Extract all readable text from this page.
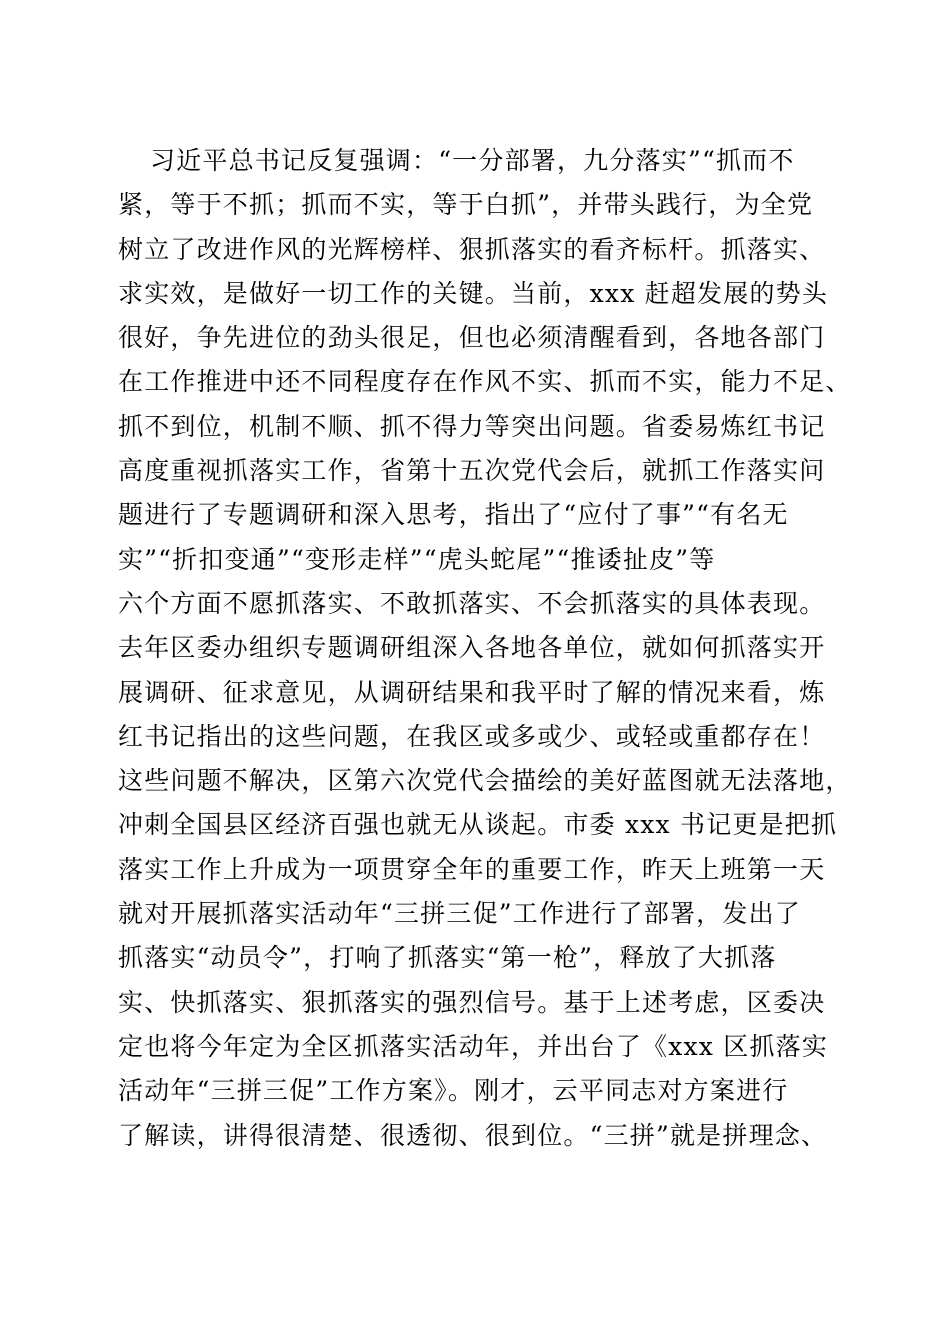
习近平总书记反复强调：“一分部署，九分落实”“抓而不
紧，等于不抓；抓而不实，等于白抓”，并带头践行，为全党
树立了改进作风的光辉榜样、狠抓落实的看齐标杆。抓落实、
求实效，是做好一切工作的关键。当前，xxx 赶超发展的势头
很好，争先进位的劲头很足，但也必须清醒看到，各地各部门
在工作推进中还不同程度存在作风不实、抓而不实，能力不足、
抓不到位，机制不顺、抓不得力等突出问题。省委易炼红书记
高度重视抓落实工作，省第十五次党代会后，就抓工作落实问
题进行了专题调研和深入思考，指出了“应付了事”“有名无
实”“折扣变通”“变形走样”“虎头蛇尾”“推诿扯皮”等
六个方面不愿抓落实、不敢抓落实、不会抓落实的具体表现。
去年区委办组织专题调研组深入各地各单位，就如何抓落实开
展调研、征求意见，从调研结果和我平时了解的情况来看，炼
红书记指出的这些问题，在我区或多或少、或轻或重都存在！
这些问题不解决，区第六次党代会描绘的美好蓝图就无法落地，
冲刺全国县区经济百强也就无从谈起。市委 xxx 书记更是把抓
落实工作上升成为一项贯穿全年的重要工作，昨天上班第一天
就对开展抓落实活动年“三拼三促”工作进行了部署，发出了
抓落实“动员令”，打响了抓落实“第一枪”，释放了大抓落
实、快抓落实、狠抓落实的强烈信号。基于上述考虑，区委决
定也将今年定为全区抓落实活动年，并出台了《xxx 区抓落实
活动年“三拼三促”工作方案》。刚才，云平同志对方案进行
了解读，讲得很清楚、很透彻、很到位。“三拼”就是拼理念、
